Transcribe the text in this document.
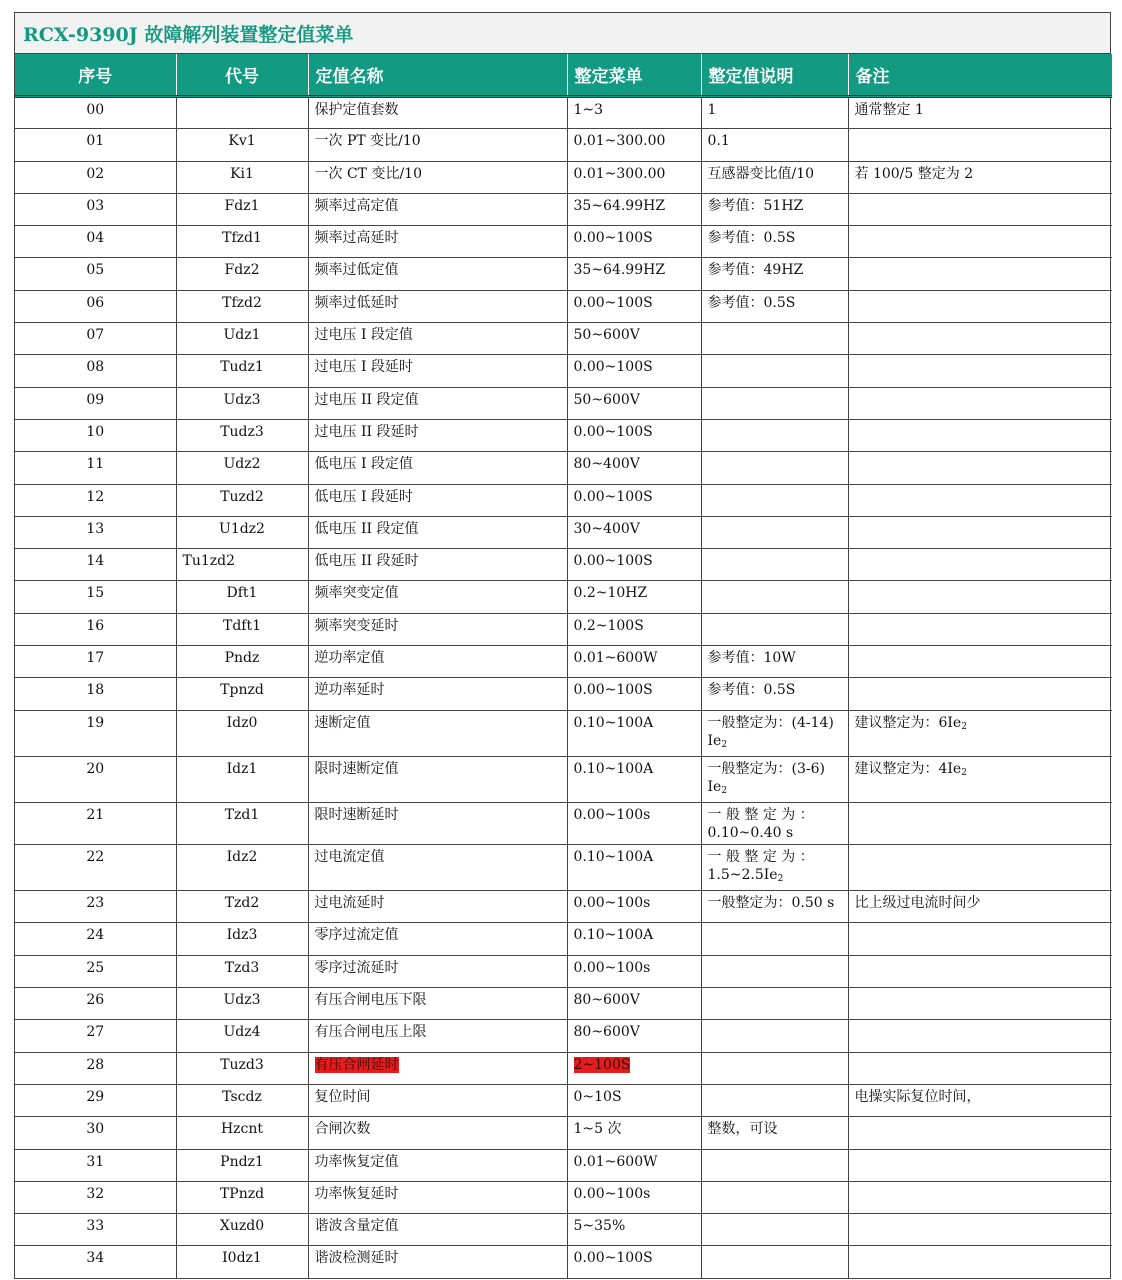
RCX-9390J 故障解列装置整定值菜单
序号	代号	定值名称	整定菜单	整定值说明	备注
00		保护定值套数	1~3	1	通常整定 1
01	Kv1	一次 PT 变比/10	0.01~300.00	0.1	
02	Ki1	一次 CT 变比/10	0.01~300.00	互感器变比值/10	若 100/5 整定为 2
03	Fdz1	频率过高定值	35~64.99HZ	参考值：51HZ	
04	Tfzd1	频率过高延时	0.00~100S	参考值：0.5S	
05	Fdz2	频率过低定值	35~64.99HZ	参考值：49HZ	
06	Tfzd2	频率过低延时	0.00~100S	参考值：0.5S	
07	Udz1	过电压 I 段定值	50~600V		
08	Tudz1	过电压 I 段延时	0.00~100S		
09	Udz3	过电压 II 段定值	50~600V		
10	Tudz3	过电压 II 段延时	0.00~100S		
11	Udz2	低电压 I 段定值	80~400V		
12	Tuzd2	低电压 I 段延时	0.00~100S		
13	U1dz2	低电压 II 段定值	30~400V		
14	Tu1zd2	低电压 II 段延时	0.00~100S		
15	Dft1	频率突变定值	0.2~10HZ		
16	Tdft1	频率突变延时	0.2~100S		
17	Pndz	逆功率定值	0.01~600W	参考值：10W	
18	Tpnzd	逆功率延时	0.00~100S	参考值：0.5S	
19	Idz0	速断定值	0.10~100A	一般整定为：(4-14) $Ie_2$	建议整定为：$6Ie_2$
20	Idz1	限时速断定值	0.10~100A	一般整定为：(3-6) $Ie_2$	建议整定为：$4Ie_2$
21	Tzd1	限时速断延时	0.00~100s	一 般 整 定 为 ：0.10~0.40 s	
22	Idz2	过电流定值	0.10~100A	一 般 整 定 为 ：$1.5\sim 2.5Ie_2$	
23	Tzd2	过电流延时	0.00~100s	一般整定为：0.50 s	比上级过电流时间少
24	Idz3	零序过流定值	0.10~100A		
25	Tzd3	零序过流延时	0.00~100s		
26	Udz3	有压合闸电压下限	80~600V		
27	Udz4	有压合闸电压上限	80~600V		
28	Tuzd3	有压合闸延时	2~100S		
29	Tscdz	复位时间	0~10S		电操实际复位时间，
30	Hzcnt	合闸次数	1~5 次	整数，可设	
31	Pndz1	功率恢复定值	0.01~600W		
32	TPnzd	功率恢复延时	0.00~100s		
33	Xuzd0	谐波含量定值	5~35%		
34	I0dz1	谐波检测延时	0.00~100S		
